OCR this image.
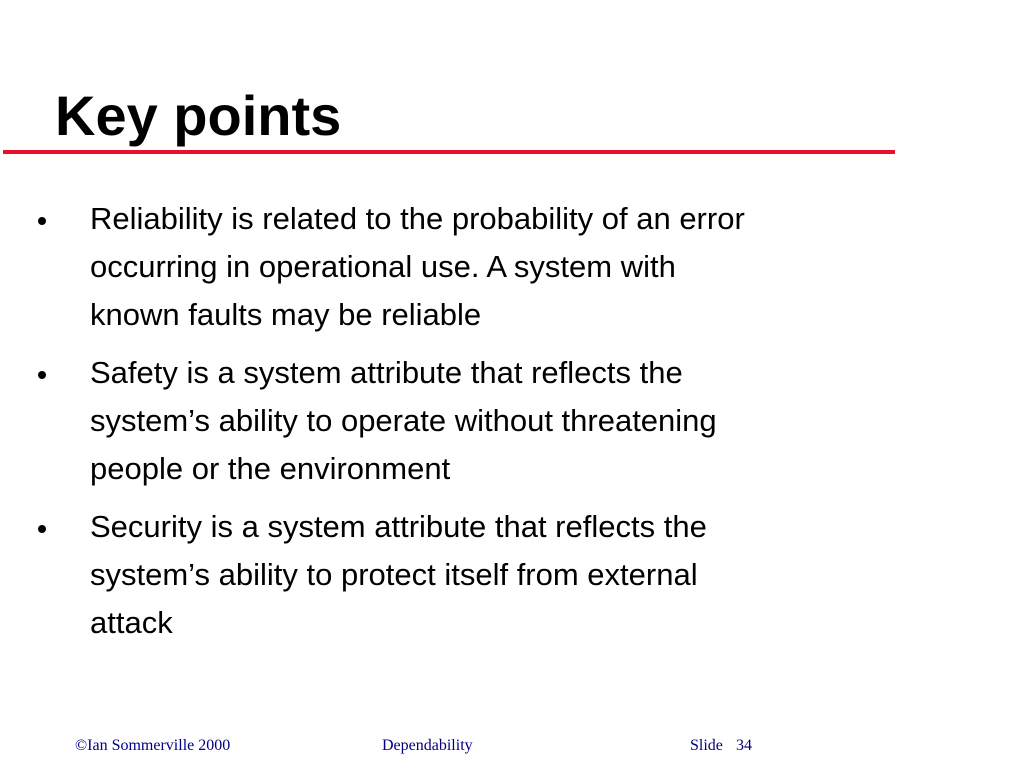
Key points
Reliability is related to the probability of an error
occurring in operational use. A system with
known faults may be reliable
Safety is a system attribute that reflects the
system’s ability to operate without threatening
people or the environment
Security is a system attribute that reflects the
system’s ability to protect itself from external
attack
©Ian Sommerville 2000	Dependability	Slide 34
